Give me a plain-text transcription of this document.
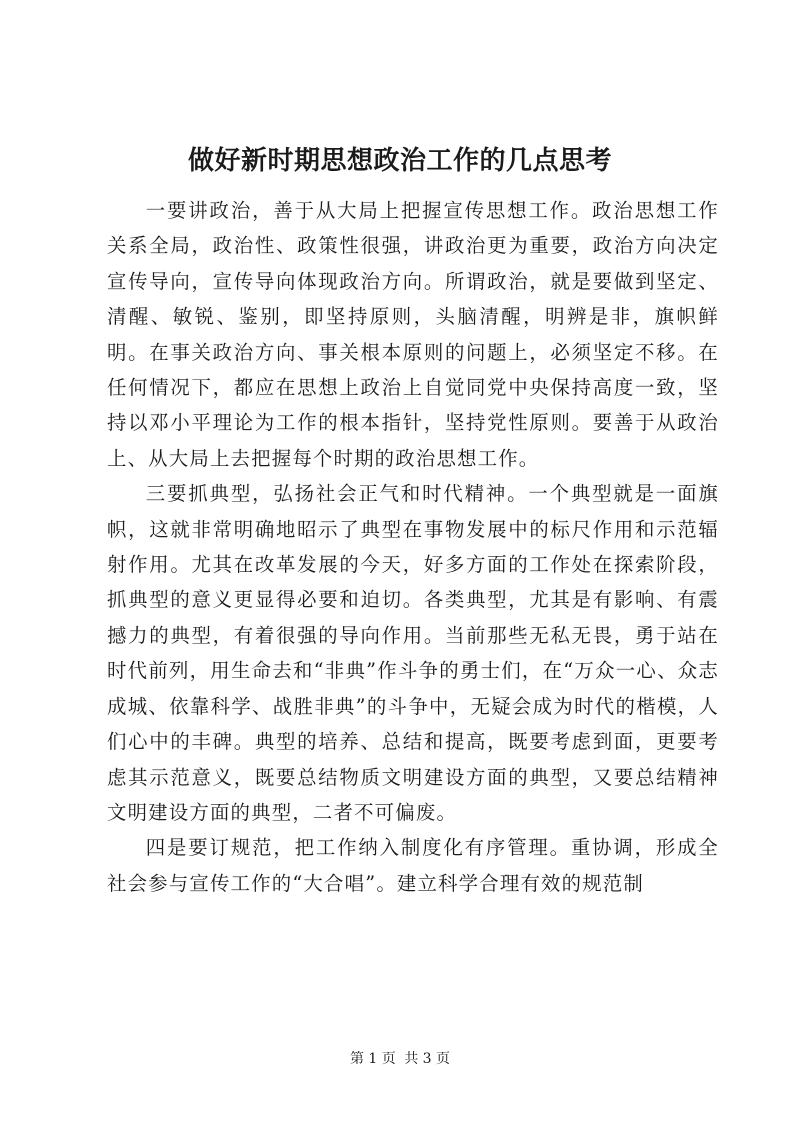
做好新时期思想政治工作的几点思考

一要讲政治，善于从大局上把握宣传思想工作。政治思想工作关系全局，政治性、政策性很强，讲政治更为重要，政治方向决定宣传导向，宣传导向体现政治方向。所谓政治，就是要做到坚定、清醒、敏锐、鉴别，即坚持原则，头脑清醒，明辨是非，旗帜鲜明。在事关政治方向、事关根本原则的问题上，必须坚定不移。在任何情况下，都应在思想上政治上自觉同党中央保持高度一致，坚持以邓小平理论为工作的根本指针，坚持党性原则。要善于从政治上、从大局上去把握每个时期的政治思想工作。

三要抓典型，弘扬社会正气和时代精神。一个典型就是一面旗帜，这就非常明确地昭示了典型在事物发展中的标尺作用和示范辐射作用。尤其在改革发展的今天，好多方面的工作处在探索阶段，抓典型的意义更显得必要和迫切。各类典型，尤其是有影响、有震撼力的典型，有着很强的导向作用。当前那些无私无畏，勇于站在时代前列，用生命去和“非典”作斗争的勇士们，在“万众一心、众志成城、依靠科学、战胜非典”的斗争中，无疑会成为时代的楷模，人们心中的丰碑。典型的培养、总结和提高，既要考虑到面，更要考虑其示范意义，既要总结物质文明建设方面的典型，又要总结精神文明建设方面的典型，二者不可偏废。

四是要订规范，把工作纳入制度化有序管理。重协调，形成全社会参与宣传工作的“大合唱”。建立科学合理有效的规范制

第 1 页 共 3 页
